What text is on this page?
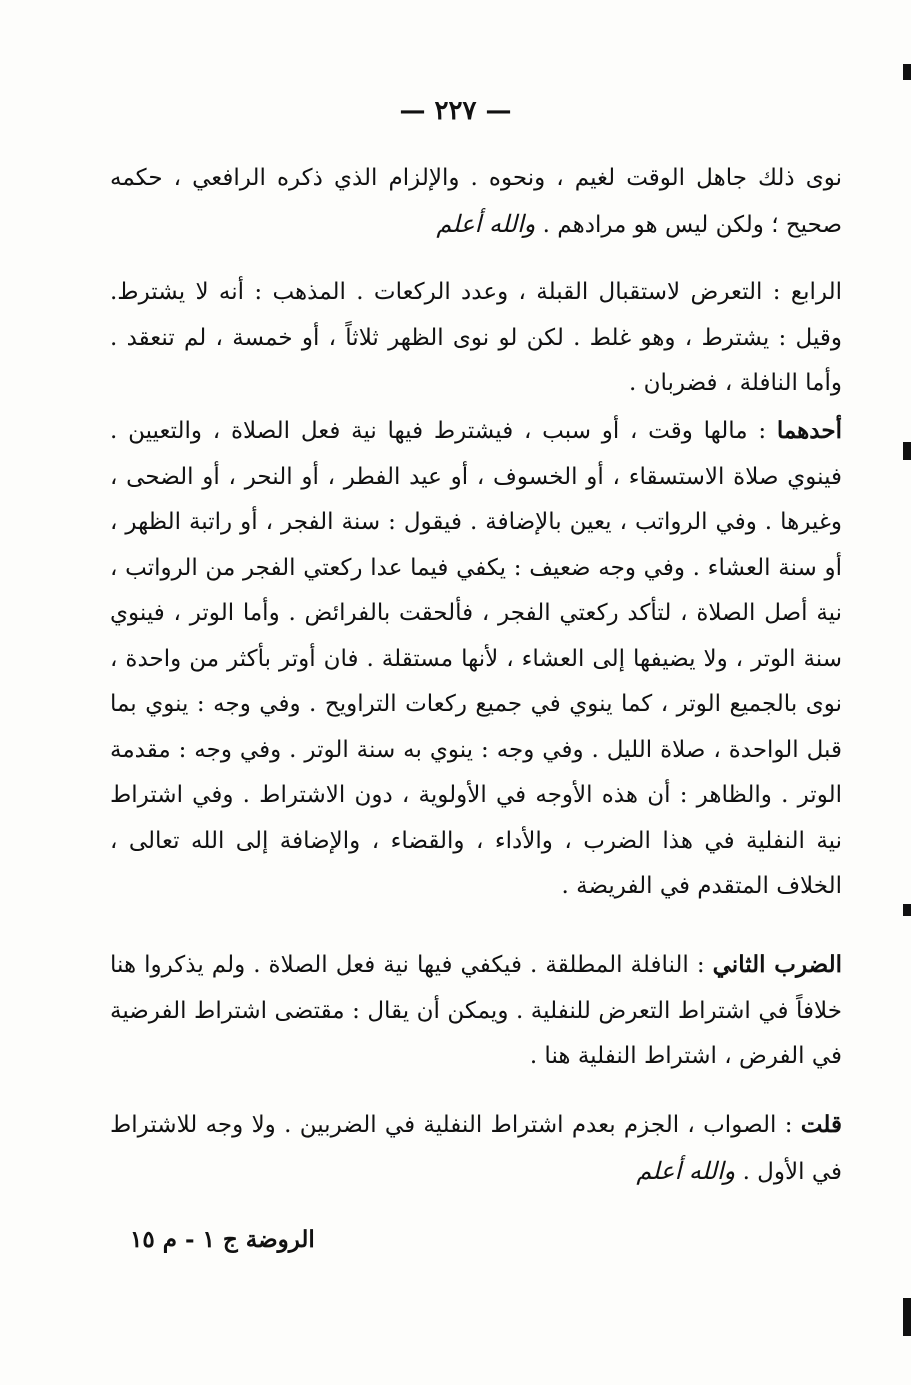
— ٢٢٧ —

نوى ذلك جاهل الوقت لغيم ، ونحوه . والإلزام الذي ذكره الرافعي ، حكمه صحيح ؛ ولكن ليس هو مرادهم . والله أعلم

الرابع : التعرض لاستقبال القبلة ، وعدد الركعات . المذهب : أنه لا يشترط. وقيل : يشترط ، وهو غلط . لكن لو نوى الظهر ثلاثاً ، أو خمسة ، لم تنعقد . وأما النافلة ، فضربان .

أحدهما : مالها وقت ، أو سبب ، فيشترط فيها نية فعل الصلاة ، والتعيين . فينوي صلاة الاستسقاء ، أو الخسوف ، أو عيد الفطر ، أو النحر ، أو الضحى ، وغيرها . وفي الرواتب ، يعين بالإضافة . فيقول : سنة الفجر ، أو راتبة الظهر ، أو سنة العشاء . وفي وجه ضعيف : يكفي فيما عدا ركعتي الفجر من الرواتب ، نية أصل الصلاة ، لتأكد ركعتي الفجر ، فألحقت بالفرائض . وأما الوتر ، فينوي سنة الوتر ، ولا يضيفها إلى العشاء ، لأنها مستقلة . فان أوتر بأكثر من واحدة ، نوى بالجميع الوتر ، كما ينوي في جميع ركعات التراويح . وفي وجه : ينوي بما قبل الواحدة ، صلاة الليل . وفي وجه : ينوي به سنة الوتر . وفي وجه : مقدمة الوتر . والظاهر : أن هذه الأوجه في الأولوية ، دون الاشتراط . وفي اشتراط نية النفلية في هذا الضرب ، والأداء ، والقضاء ، والإضافة إلى الله تعالى ، الخلاف المتقدم في الفريضة .

الضرب الثاني : النافلة المطلقة . فيكفي فيها نية فعل الصلاة . ولم يذكروا هنا خلافاً في اشتراط التعرض للنفلية . ويمكن أن يقال : مقتضى اشتراط الفرضية في الفرض ، اشتراط النفلية هنا .

قلت : الصواب ، الجزم بعدم اشتراط النفلية في الضربين . ولا وجه للاشتراط في الأول . والله أعلم

الروضة ج ١ - م ١٥
